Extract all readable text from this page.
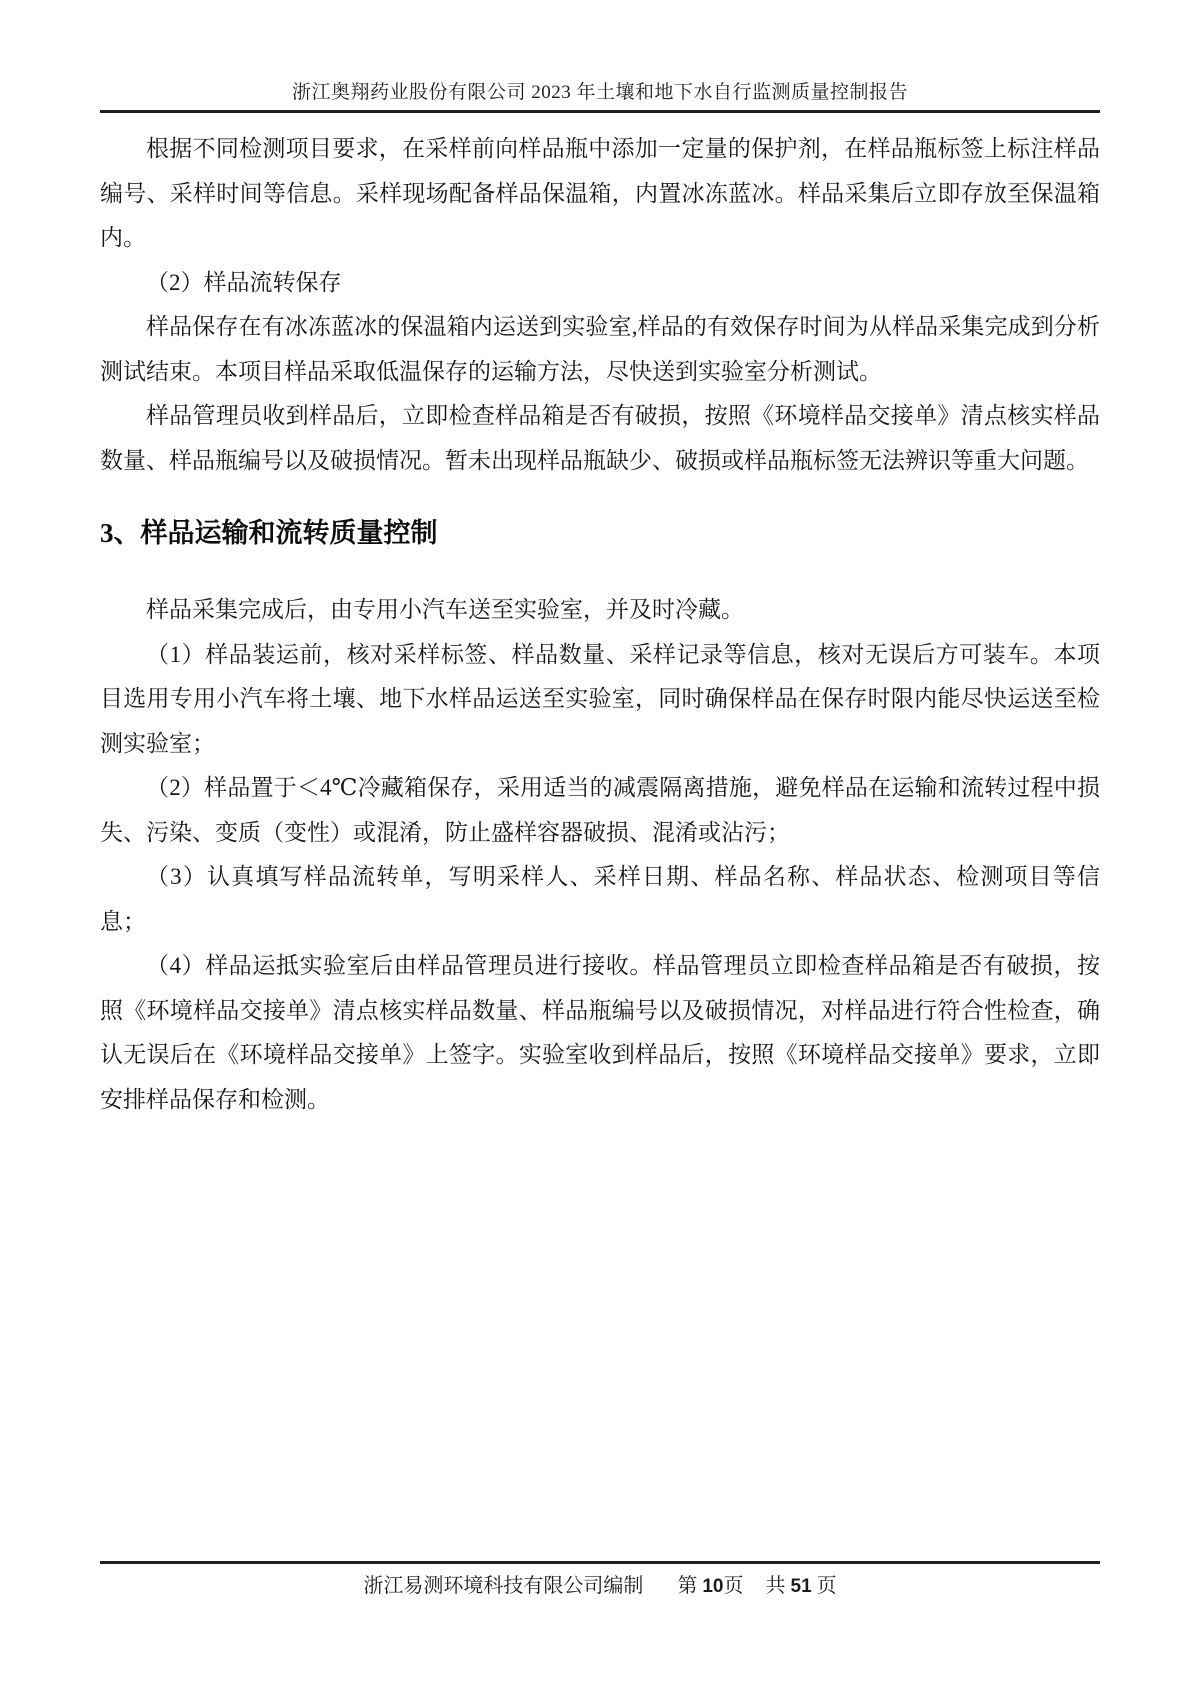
浙江奥翔药业股份有限公司 2023 年土壤和地下水自行监测质量控制报告

根据不同检测项目要求，在采样前向样品瓶中添加一定量的保护剂，在样品瓶标签上标注样品编号、采样时间等信息。采样现场配备样品保温箱，内置冰冻蓝冰。样品采集后立即存放至保温箱内。

（2）样品流转保存

样品保存在有冰冻蓝冰的保温箱内运送到实验室,样品的有效保存时间为从样品采集完成到分析测试结束。本项目样品采取低温保存的运输方法，尽快送到实验室分析测试。

样品管理员收到样品后，立即检查样品箱是否有破损，按照《环境样品交接单》清点核实样品数量、样品瓶编号以及破损情况。暂未出现样品瓶缺少、破损或样品瓶标签无法辨识等重大问题。

3、样品运输和流转质量控制

样品采集完成后，由专用小汽车送至实验室，并及时冷藏。

（1）样品装运前，核对采样标签、样品数量、采样记录等信息，核对无误后方可装车。本项目选用专用小汽车将土壤、地下水样品运送至实验室，同时确保样品在保存时限内能尽快运送至检测实验室；

（2）样品置于＜4℃冷藏箱保存，采用适当的减震隔离措施，避免样品在运输和流转过程中损失、污染、变质（变性）或混淆，防止盛样容器破损、混淆或沾污；

（3）认真填写样品流转单，写明采样人、采样日期、样品名称、样品状态、检测项目等信息；

（4）样品运抵实验室后由样品管理员进行接收。样品管理员立即检查样品箱是否有破损，按照《环境样品交接单》清点核实样品数量、样品瓶编号以及破损情况，对样品进行符合性检查，确认无误后在《环境样品交接单》上签字。实验室收到样品后，按照《环境样品交接单》要求，立即安排样品保存和检测。

浙江易测环境科技有限公司编制 第 10页 共 51 页
